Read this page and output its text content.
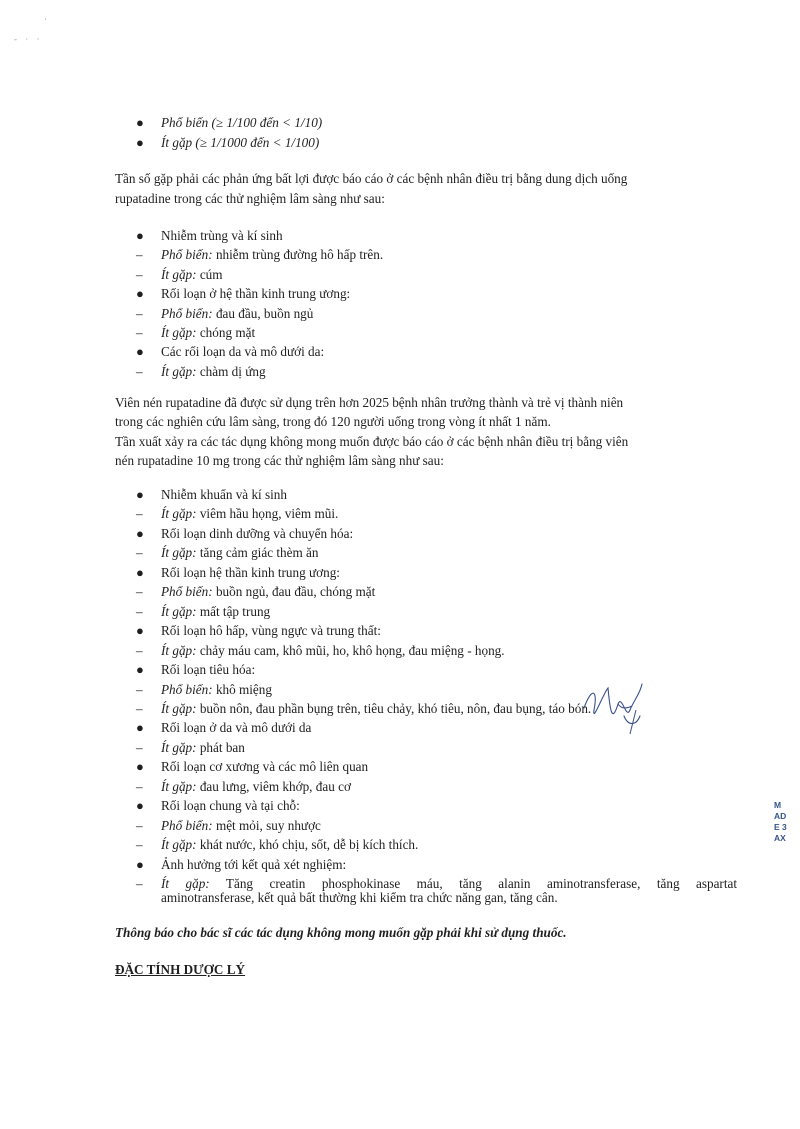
·
- · ·
● Phổ biến (≥ 1/100 đến < 1/10)
● Ít gặp (≥ 1/1000 đến < 1/100)
Tần số gặp phải các phản ứng bất lợi được báo cáo ở các bệnh nhân điều trị bằng dung dịch uống
rupatadine trong các thử nghiệm lâm sàng như sau:
● Nhiễm trùng và kí sinh
– Phổ biến: nhiễm trùng đường hô hấp trên.
– Ít gặp: cúm
● Rối loạn ở hệ thần kinh trung ương:
– Phổ biến: đau đầu, buồn ngủ
– Ít gặp: chóng mặt
● Các rối loạn da và mô dưới da:
– Ít gặp: chàm dị ứng
Viên nén rupatadine đã được sử dụng trên hơn 2025 bệnh nhân trưởng thành và trẻ vị thành niên
trong các nghiên cứu lâm sàng, trong đó 120 người uống trong vòng ít nhất 1 năm.
Tần xuất xảy ra các tác dụng không mong muốn được báo cáo ở các bệnh nhân điều trị bằng viên
nén rupatadine 10 mg trong các thử nghiệm lâm sàng như sau:
● Nhiễm khuẩn và kí sinh
– Ít gặp: viêm hầu họng, viêm mũi.
● Rối loạn dinh dưỡng và chuyển hóa:
– Ít gặp: tăng cảm giác thèm ăn
● Rối loạn hệ thần kinh trung ương:
– Phổ biến: buồn ngủ, đau đầu, chóng mặt
– Ít gặp: mất tập trung
● Rối loạn hô hấp, vùng ngực và trung thất:
– Ít gặp: chảy máu cam, khô mũi, ho, khô họng, đau miệng - họng.
● Rối loạn tiêu hóa:
– Phổ biến: khô miệng
– Ít gặp: buồn nôn, đau phần bụng trên, tiêu chảy, khó tiêu, nôn, đau bụng, táo bón.
● Rối loạn ở da và mô dưới da
– Ít gặp: phát ban
● Rối loạn cơ xương và các mô liên quan
– Ít gặp: đau lưng, viêm khớp, đau cơ
● Rối loạn chung và tại chỗ:
– Phổ biến: mệt mỏi, suy nhược
– Ít gặp: khát nước, khó chịu, sốt, dễ bị kích thích.
● Ảnh hưởng tới kết quả xét nghiệm:
– Ít gặp: Tăng creatin phosphokinase máu, tăng alanin aminotransferase, tăng aspartat
aminotransferase, kết quả bất thường khi kiểm tra chức năng gan, tăng cân.
Thông báo cho bác sĩ các tác dụng không mong muốn gặp phải khi sử dụng thuốc.
ĐẶC TÍNH DƯỢC LÝ
M
AD
E 3
AX
